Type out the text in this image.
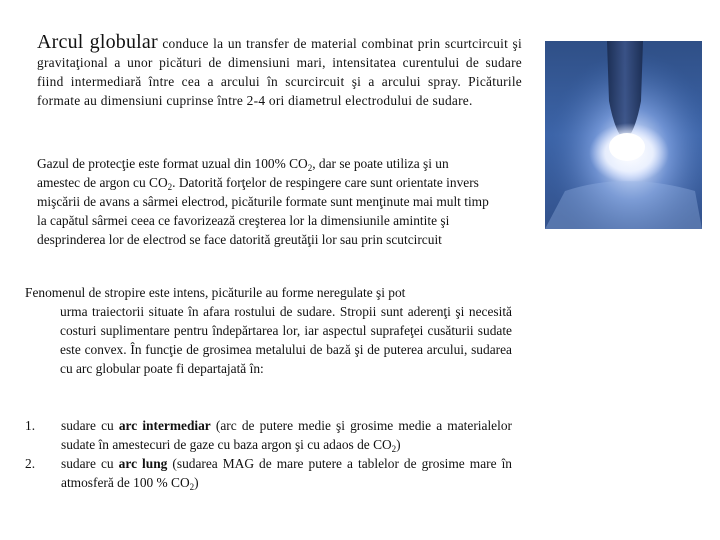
Arcul globular conduce la un transfer de material combinat prin scurtcircuit şi gravitaţional a unor picături de dimensiuni mari, intensitatea curentului de sudare fiind intermediară între cea a arcului în scurcircuit şi a arcului spray. Picăturile formate au dimensiuni cuprinse între 2-4 ori diametrul electrodului de sudare.
Gazul de protecţie este format uzual din 100% $CO_2$, dar se poate utiliza şi un amestec de argon cu $CO_2$. Datorită forţelor de respingere care sunt orientate invers mişcării de avans a sârmei electrod, picăturile formate sunt menţinute mai mult timp la capătul sârmei ceea ce favorizează creşterea lor la dimensiunile amintite şi desprinderea lor de electrod se face datorită greutăţii lor sau prin scutcircuit
Fenomenul de stropire este intens, picăturile au forme neregulate şi pot
urma traiectorii situate în afara rostului de sudare. Stropii sunt aderenţi şi necesită costuri suplimentare pentru îndepărtarea lor, iar aspectul suprafeţei cusăturii sudate este convex. În funcţie de grosimea metalului de bază şi de puterea arcului, sudarea cu arc globular poate fi departajată în:
1. sudare cu arc intermediar (arc de putere medie şi grosime medie a materialelor sudate în amestecuri de gaze cu baza argon şi cu adaos de $CO_2$)
2. sudare cu arc lung (sudarea MAG de mare putere a tablelor de grosime mare în atmosferă de 100 % $CO_2$)
